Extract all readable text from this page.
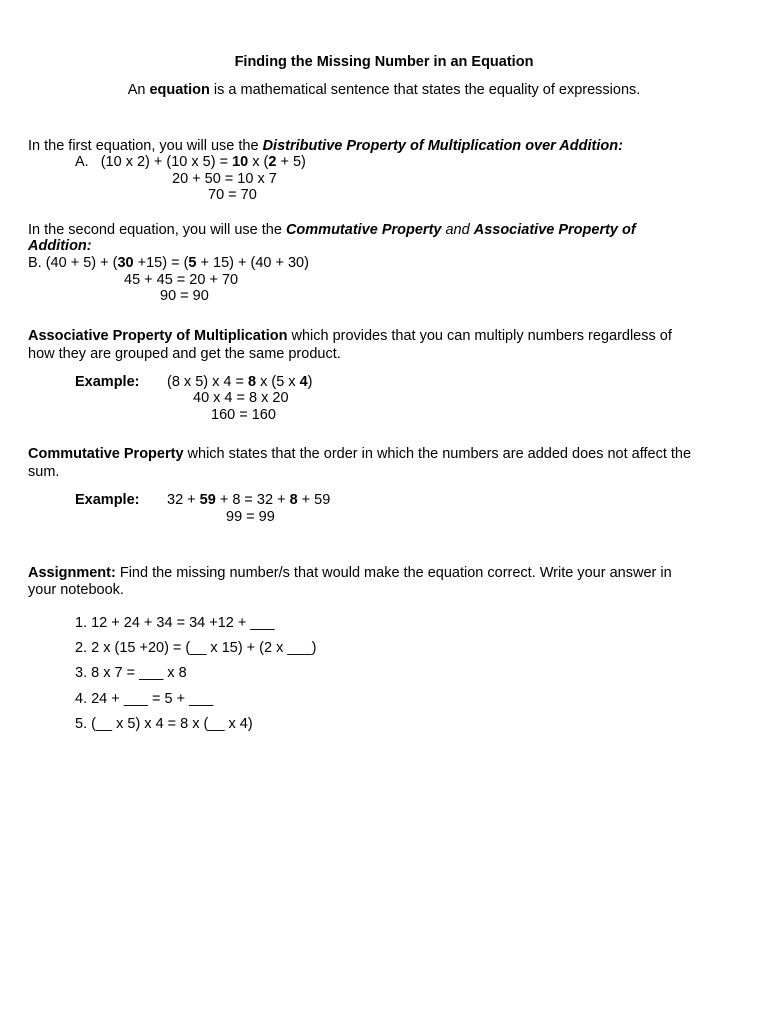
Finding the Missing Number in an Equation
An equation is a mathematical sentence that states the equality of expressions.
In the first equation, you will use the Distributive Property of Multiplication over Addition:
A. (10 x 2) + (10 x 5) = 10 x (2 + 5)
20 + 50 = 10 x 7
70 = 70
In the second equation, you will use the Commutative Property and Associative Property of
Addition:
B. (40 + 5) + (30 +15) = (5 + 15) + (40 + 30)
45 + 45 = 20 + 70
90 = 90
Associative Property of Multiplication which provides that you can multiply numbers regardless of
how they are grouped and get the same product.
Example: (8 x 5) x 4 = 8 x (5 x 4)
40 x 4 = 8 x 20
160 = 160
Commutative Property which states that the order in which the numbers are added does not affect the
sum.
Example: 32 + 59 + 8 = 32 + 8 + 59
99 = 99
Assignment: Find the missing number/s that would make the equation correct. Write your answer in
your notebook.
1. 12 + 24 + 34 = 34 +12 + ___
2. 2 x (15 +20) = (__ x 15) + (2 x ___)
3. 8 x 7 = ___ x 8
4. 24 + ___ = 5 + ___
5. (__ x 5) x 4 = 8 x (__ x 4)
